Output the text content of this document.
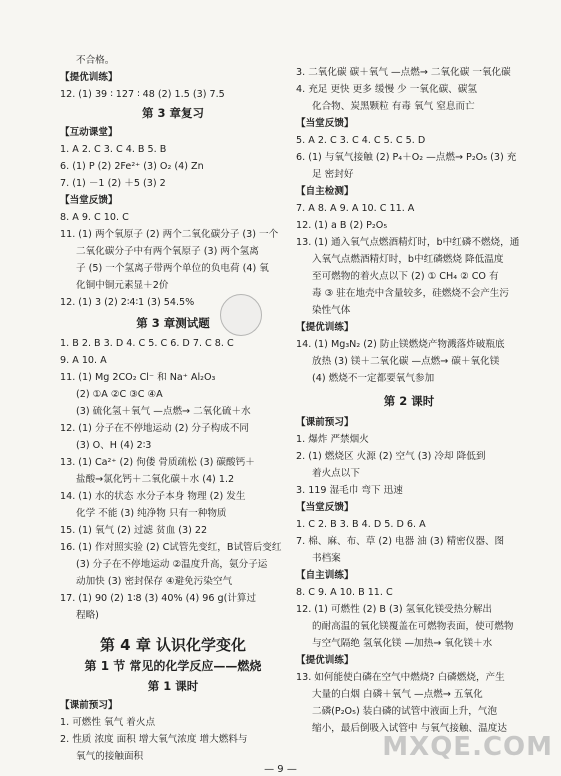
不合格。
【提优训练】
12. (1) 39 ∶ 127 ∶ 48 (2) 1.5 (3) 7.5
第 3 章复习
【互动课堂】
1. A 2. C 3. C 4. B 5. B
6. (1) P (2) 2Fe²⁺ (3) O₂ (4) Zn
7. (1) －1 (2) ＋5 (3) 2
【当堂反馈】
8. A 9. C 10. C
11. (1) 两个氧原子 (2) 两个二氧化碳分子 (3) 一个
二氧化碳分子中有两个氧原子 (3) 两个氢离
子 (5) 一个氢离子带两个单位的负电荷 (4) 氧
化铜中铜元素显＋2价
12. (1) 3 (2) 2∶4∶1 (3) 54.5%
第 3 章测试题
1. B 2. B 3. D 4. C 5. C 6. D 7. C 8. C
9. A 10. A
11. (1) Mg 2CO₂ Cl⁻ 和 Na⁺ Al₂O₃
(2) ①A ②C ③C ④A
(3) 硫化氢＋氧气 —点燃→ 二氧化硫＋水
12. (1) 分子在不停地运动 (2) 分子构成不同
(3) O、H (4) 2∶3
13. (1) Ca²⁺ (2) 佝偻 骨质疏松 (3) 碳酸钙＋
盐酸→氯化钙＋二氧化碳＋水 (4) 1.2
14. (1) 水的状态 水分子本身 物理 (2) 发生
化学 不能 (3) 纯净物 只有一种物质
15. (1) 氧气 (2) 过滤 贫血 (3) 22
16. (1) 作对照实验 (2) C试管先变红，B试管后变红
(3) 分子在不停地运动 ②温度升高，氨分子运
动加快 (3) 密封保存 ④避免污染空气
17. (1) 90 (2) 1∶8 (3) 40% (4) 96 g(计算过
程略)
第 4 章 认识化学变化
第 1 节 常见的化学反应——燃烧
第 1 课时
【课前预习】
1. 可燃性 氧气 着火点
2. 性质 浓度 面积 增大氧气浓度 增大燃料与
氧气的接触面积
3. 二氧化碳 碳＋氧气 —点燃→ 二氧化碳 一氧化碳
4. 充足 更快 更多 缓慢 少 一氧化碳、碳氢
化合物、炭黑颗粒 有毒 氧气 窒息而亡
【当堂反馈】
5. A 2. C 3. C 4. C 5. C 5. D
6. (1) 与氧气接触 (2) P₄＋O₂ —点燃→ P₂O₅ (3) 充
足 密封好
【自主检测】
7. A 8. A 9. A 10. C 11. A
12. (1) a B (2) P₂O₅
13. (1) 通入氧气点燃酒精灯时，b中红磷不燃烧，通
入氧气点燃酒精灯时，b中红磷燃烧 降低温度
至可燃物的着火点以下 (2) ① CH₄ ② CO 有
毒 ③ 驻在地壳中含量较多，硅燃烧不会产生污
染性气体
【提优训练】
14. (1) Mg₃N₂ (2) 防止镁燃烧产物溅落炸破瓶底
放热 (3) 镁＋二氧化碳 —点燃→ 碳＋氧化镁
(4) 燃烧不一定都要氧气参加
第 2 课时
【课前预习】
1. 爆炸 严禁烟火
2. (1) 燃烧区 火源 (2) 空气 (3) 冷却 降低到
着火点以下
3. 119 湿毛巾 弯下 迅速
【当堂反馈】
1. C 2. B 3. B 4. D 5. D 6. A
7. 棉、麻、布、草 (2) 电器 油 (3) 精密仪器、图
书档案
【自主训练】
8. C 9. A 10. B 11. C
12. (1) 可燃性 (2) B (3) 氢氧化镁受热分解出
的耐高温的氧化镁覆盖在可燃物表面，使可燃物
与空气隔绝 氢氧化镁 —加热→ 氧化镁＋水
【提优训练】
13. 如何能使白磷在空气中燃烧? 白磷燃烧，产生
大量的白烟 白磷＋氧气 —点燃→ 五氧化
二磷(P₂O₅) 装白磷的试管中液面上升，气泡
缩小，最后倒吸入试管中 与氧气接触、温度达
— 9 —
MXQE.COM
